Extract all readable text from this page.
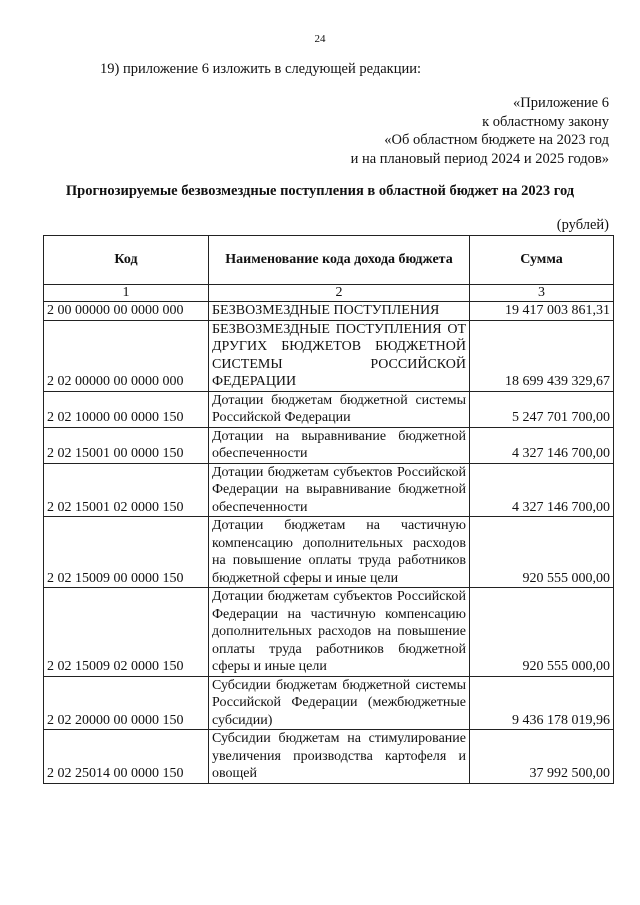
24
19) приложение 6 изложить в следующей редакции:
«Приложение 6
к областному закону
«Об областном бюджете на 2023 год
и на плановый период 2024 и 2025 годов»
Прогнозируемые безвозмездные поступления в областной бюджет на 2023 год
(рублей)
Код	Наименование кода дохода бюджета	Сумма
1	2	3
2 00 00000 00 0000 000	БЕЗВОЗМЕЗДНЫЕ ПОСТУПЛЕНИЯ	19 417 003 861,31
2 02 00000 00 0000 000	БЕЗВОЗМЕЗДНЫЕ ПОСТУПЛЕНИЯ ОТ ДРУГИХ БЮДЖЕТОВ БЮДЖЕТНОЙ СИСТЕМЫ РОССИЙСКОЙ ФЕДЕРАЦИИ	18 699 439 329,67
2 02 10000 00 0000 150	Дотации бюджетам бюджетной системы Российской Федерации	5 247 701 700,00
2 02 15001 00 0000 150	Дотации на выравнивание бюджетной обеспеченности	4 327 146 700,00
2 02 15001 02 0000 150	Дотации бюджетам субъектов Российской Федерации на выравнивание бюджетной обеспеченности	4 327 146 700,00
2 02 15009 00 0000 150	Дотации бюджетам на частичную компенсацию дополнительных расходов на повышение оплаты труда работников бюджетной сферы и иные цели	920 555 000,00
2 02 15009 02 0000 150	Дотации бюджетам субъектов Российской Федерации на частичную компенсацию дополнительных расходов на повышение оплаты труда работников бюджетной сферы и иные цели	920 555 000,00
2 02 20000 00 0000 150	Субсидии бюджетам бюджетной системы Российской Федерации (межбюджетные субсидии)	9 436 178 019,96
2 02 25014 00 0000 150	Субсидии бюджетам на стимулирование увеличения производства картофеля и овощей	37 992 500,00
